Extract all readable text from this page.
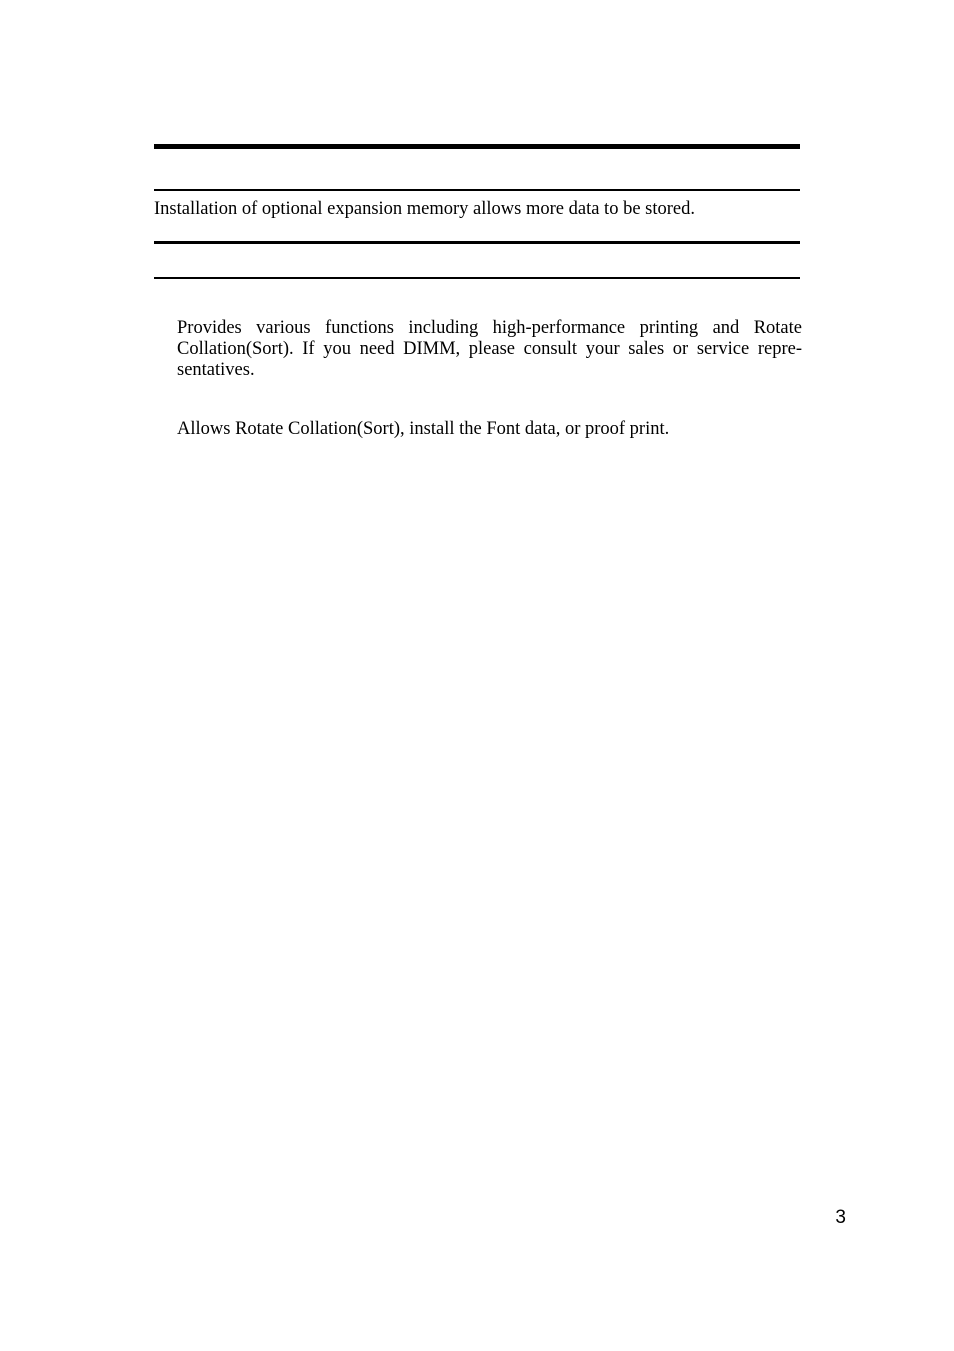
Installation of optional expansion memory allows more data to be stored.

Provides various functions including high-performance printing and Rotate
Collation(Sort). If you need DIMM, please consult your sales or service repre-
sentatives.

Allows Rotate Collation(Sort), install the Font data, or proof print.

3
